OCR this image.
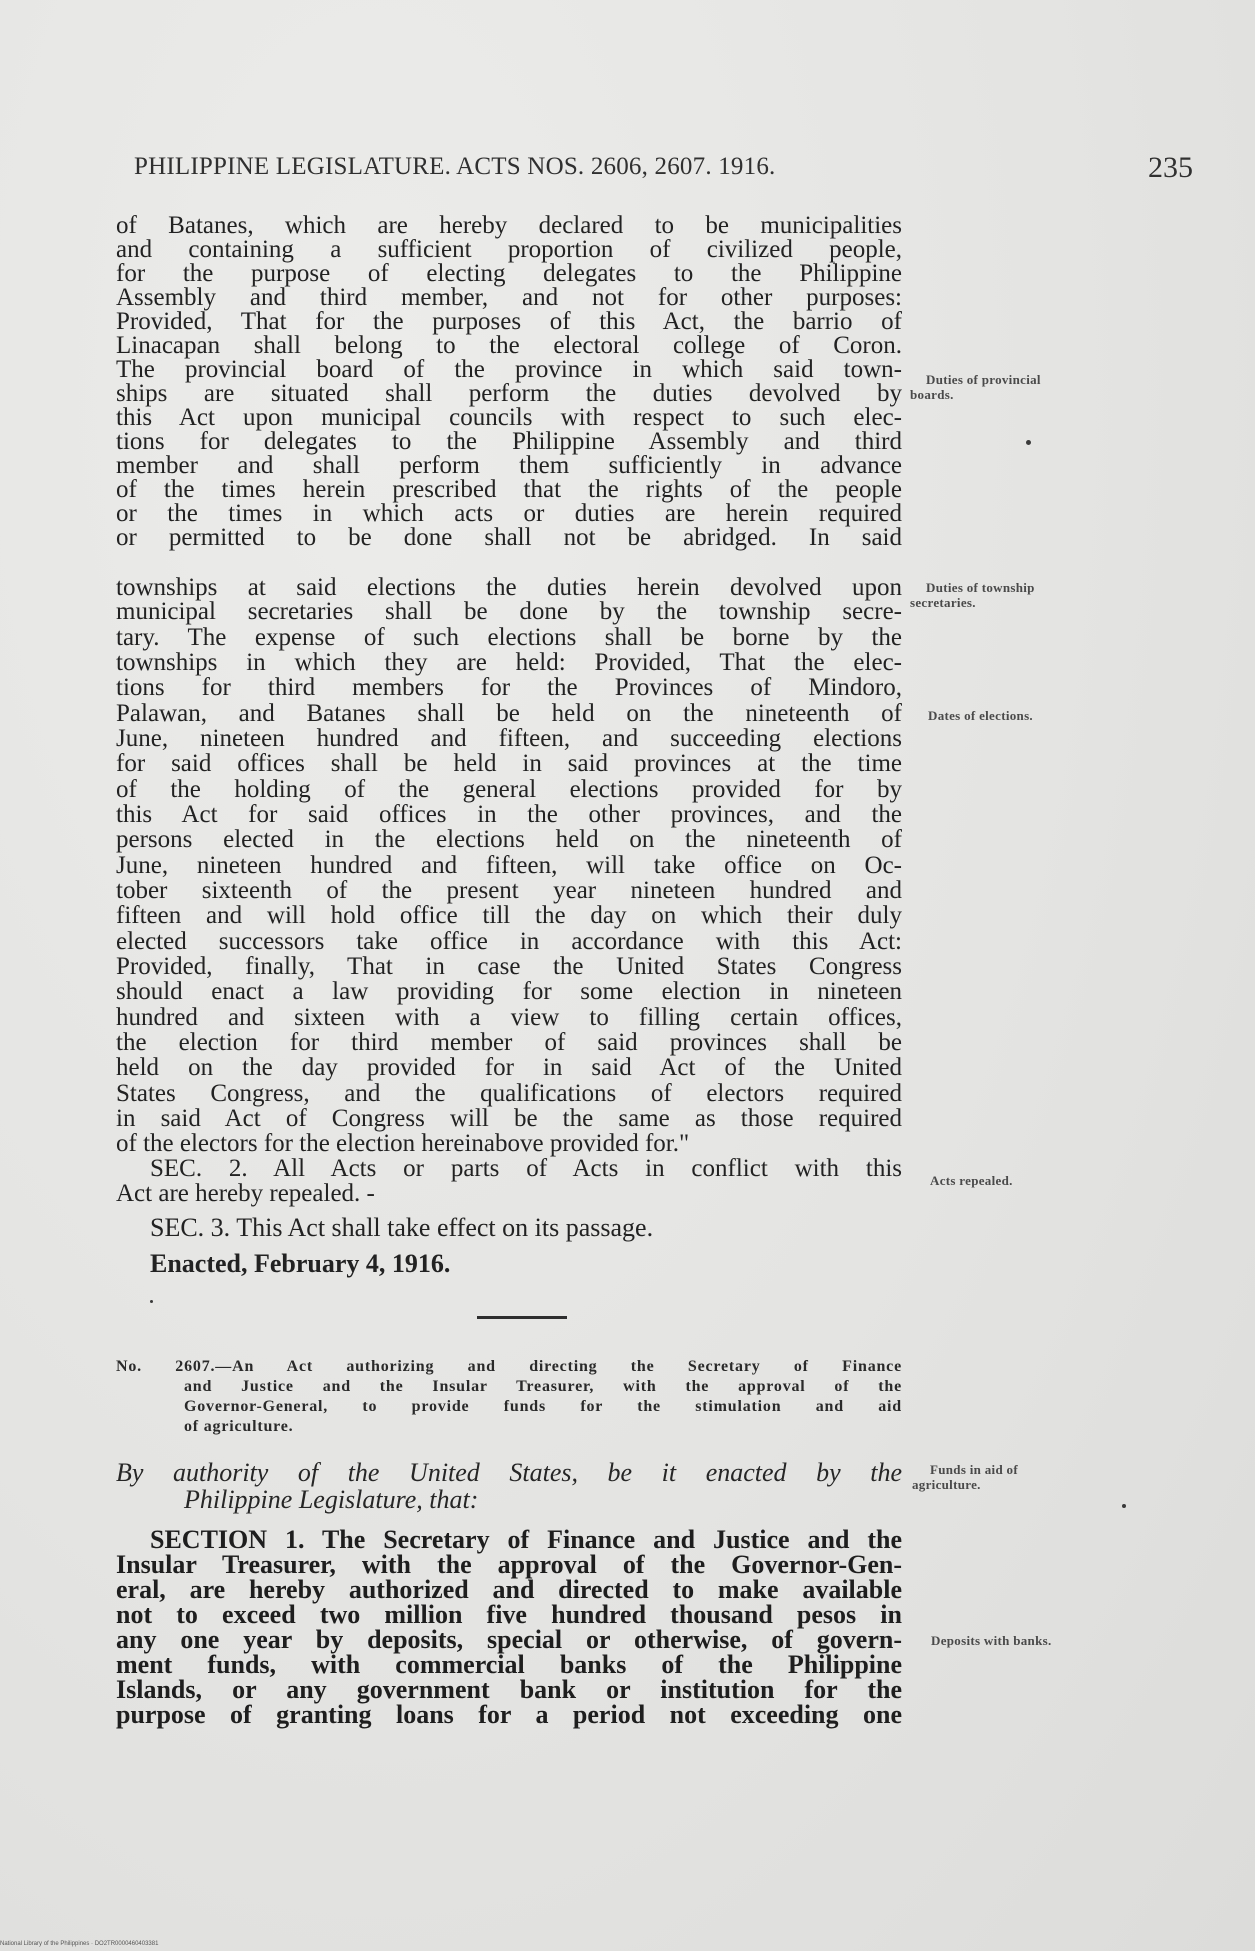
PHILIPPINE LEGISLATURE. ACTS NOS. 2606, 2607. 1916.	235
of Batanes, which are hereby declared to be municipalities
and containing a sufficient proportion of civilized people,
for the purpose of electing delegates to the Philippine
Assembly and third member, and not for other purposes:
Provided, That for the purposes of this Act, the barrio of
Linacapan shall belong to the electoral college of Coron.
The provincial board of the province in which said town-
ships are situated shall perform the duties devolved by
this Act upon municipal councils with respect to such elec-
tions for delegates to the Philippine Assembly and third
member and shall perform them sufficiently in advance
of the times herein prescribed that the rights of the people
or the times in which acts or duties are herein required
or permitted to be done shall not be abridged. In said
townships at said elections the duties herein devolved upon
municipal secretaries shall be done by the township secre-
tary. The expense of such elections shall be borne by the
townships in which they are held: Provided, That the elec-
tions for third members for the Provinces of Mindoro,
Palawan, and Batanes shall be held on the nineteenth of
June, nineteen hundred and fifteen, and succeeding elections
for said offices shall be held in said provinces at the time
of the holding of the general elections provided for by
this Act for said offices in the other provinces, and the
persons elected in the elections held on the nineteenth of
June, nineteen hundred and fifteen, will take office on Oc-
tober sixteenth of the present year nineteen hundred and
fifteen and will hold office till the day on which their duly
elected successors take office in accordance with this Act:
Provided, finally, That in case the United States Congress
should enact a law providing for some election in nineteen
hundred and sixteen with a view to filling certain offices,
the election for third member of said provinces shall be
held on the day provided for in said Act of the United
States Congress, and the qualifications of electors required
in said Act of Congress will be the same as those required
of the electors for the election hereinabove provided for."
SEC. 2. All Acts or parts of Acts in conflict with this
Act are hereby repealed. -
SEC. 3. This Act shall take effect on its passage.
Enacted, February 4, 1916.
No. 2607.—An Act authorizing and directing the Secretary of Finance
and Justice and the Insular Treasurer, with the approval of the
Governor-General, to provide funds for the stimulation and aid
of agriculture.
By authority of the United States, be it enacted by the
Philippine Legislature, that:
SECTION 1. The Secretary of Finance and Justice and the
Insular Treasurer, with the approval of the Governor-Gen-
eral, are hereby authorized and directed to make available
not to exceed two million five hundred thousand pesos in
any one year by deposits, special or otherwise, of govern-
ment funds, with commercial banks of the Philippine
Islands, or any government bank or institution for the
purpose of granting loans for a period not exceeding one
Duties of provincial
boards.
Duties of township
secretaries.
Dates of elections.
Acts repealed.
Funds in aid of
agriculture.
Deposits with banks.
National Library of the Philippines · DO2TR0000460403381
